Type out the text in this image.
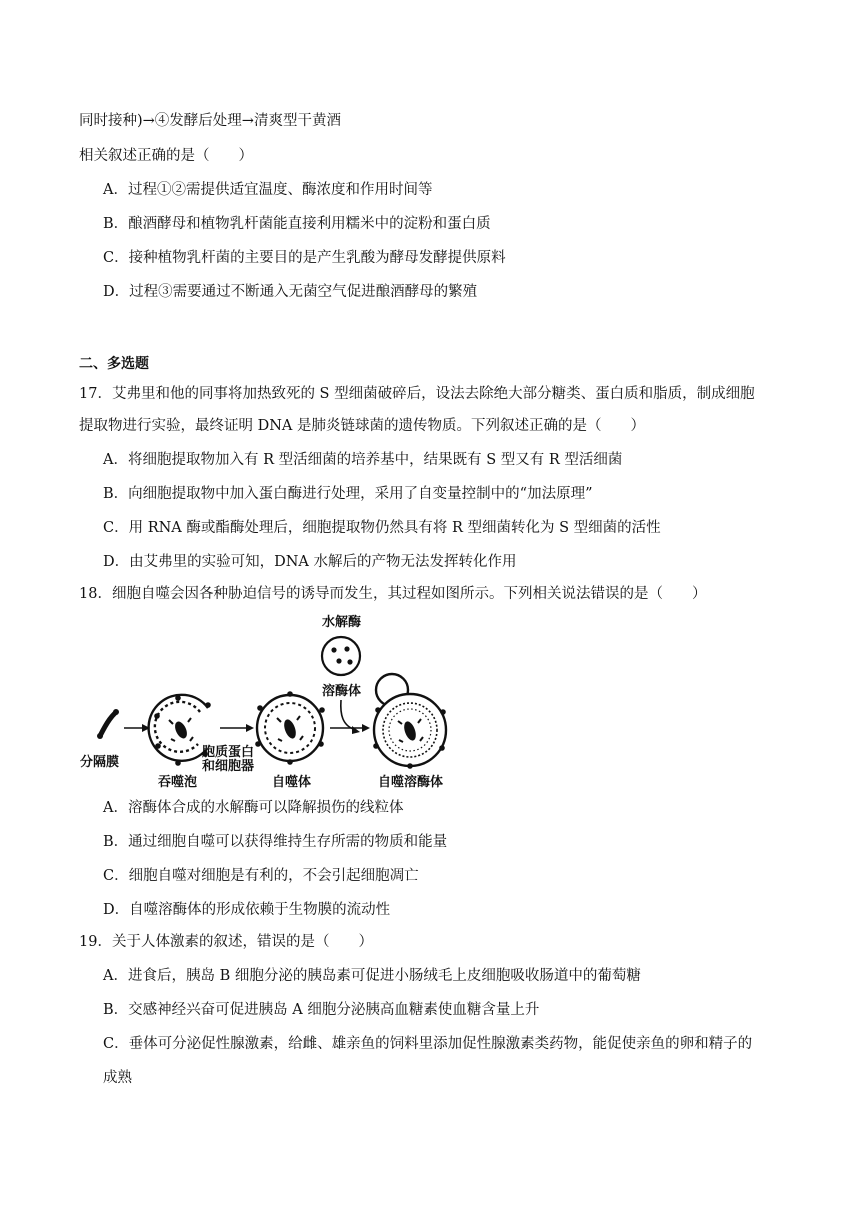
同时接种)→④发酵后处理→清爽型干黄酒
相关叙述正确的是（　　）
A．过程①②需提供适宜温度、酶浓度和作用时间等
B．酿酒酵母和植物乳杆菌能直接利用糯米中的淀粉和蛋白质
C．接种植物乳杆菌的主要目的是产生乳酸为酵母发酵提供原料
D．过程③需要通过不断通入无菌空气促进酿酒酵母的繁殖
二、多选题
17．艾弗里和他的同事将加热致死的 S 型细菌破碎后，设法去除绝大部分糖类、蛋白质和脂质，制成细胞
提取物进行实验，最终证明 DNA 是肺炎链球菌的遗传物质。下列叙述正确的是（　　）
A．将细胞提取物加入有 R 型活细菌的培养基中，结果既有 S 型又有 R 型活细菌
B．向细胞提取物中加入蛋白酶进行处理，采用了自变量控制中的“加法原理”
C．用 RNA 酶或酯酶处理后，细胞提取物仍然具有将 R 型细菌转化为 S 型细菌的活性
D．由艾弗里的实验可知，DNA 水解后的产物无法发挥转化作用
18．细胞自噬会因各种胁迫信号的诱导而发生，其过程如图所示。下列相关说法错误的是（　　）
水解酶
溶酶体
分隔膜
吞噬泡
胞质蛋白
和细胞器
自噬体	自噬溶酶体
A．溶酶体合成的水解酶可以降解损伤的线粒体
B．通过细胞自噬可以获得维持生存所需的物质和能量
C．细胞自噬对细胞是有利的，不会引起细胞凋亡
D．自噬溶酶体的形成依赖于生物膜的流动性
19．关于人体激素的叙述，错误的是（　　）
A．进食后，胰岛 B 细胞分泌的胰岛素可促进小肠绒毛上皮细胞吸收肠道中的葡萄糖
B．交感神经兴奋可促进胰岛 A 细胞分泌胰高血糖素使血糖含量上升
C．垂体可分泌促性腺激素，给雌、雄亲鱼的饲料里添加促性腺激素类药物，能促使亲鱼的卵和精子的
成熟
